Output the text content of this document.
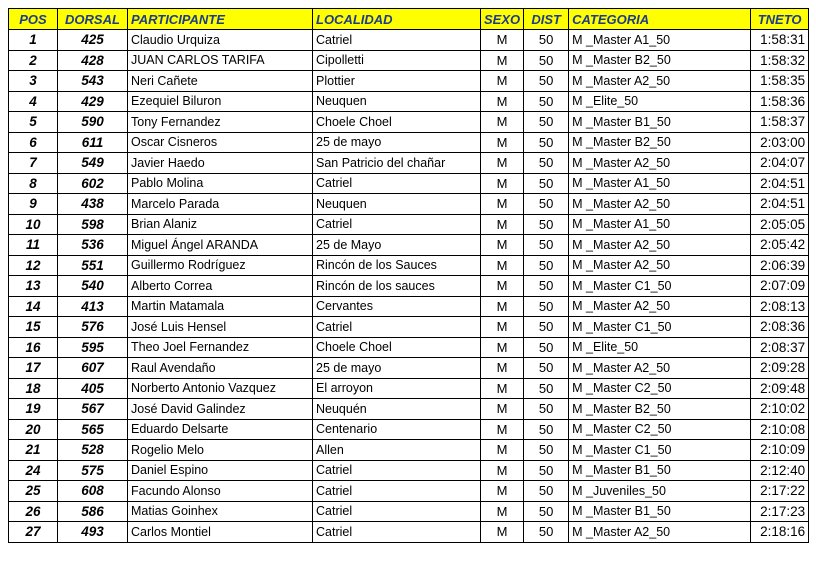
POS	DORSAL	PARTICIPANTE	LOCALIDAD	SEXO	DIST	CATEGORIA	TNETO
1	425	Claudio Urquiza	Catriel	M	50	M _Master A1_50	1:58:31
2	428	JUAN CARLOS TARIFA	Cipolletti	M	50	M _Master B2_50	1:58:32
3	543	Neri Cañete	Plottier	M	50	M _Master A2_50	1:58:35
4	429	Ezequiel Biluron	Neuquen	M	50	M _Elite_50	1:58:36
5	590	Tony Fernandez	Choele Choel	M	50	M _Master B1_50	1:58:37
6	611	Oscar Cisneros	25 de mayo	M	50	M _Master B2_50	2:03:00
7	549	Javier Haedo	San Patricio del chañar	M	50	M _Master A2_50	2:04:07
8	602	Pablo Molina	Catriel	M	50	M _Master A1_50	2:04:51
9	438	Marcelo Parada	Neuquen	M	50	M _Master A2_50	2:04:51
10	598	Brian Alaniz	Catriel	M	50	M _Master A1_50	2:05:05
11	536	Miguel Ángel ARANDA	25 de Mayo	M	50	M _Master A2_50	2:05:42
12	551	Guillermo Rodríguez	Rincón de los Sauces	M	50	M _Master A2_50	2:06:39
13	540	Alberto Correa	Rincón de los sauces	M	50	M _Master C1_50	2:07:09
14	413	Martin Matamala	Cervantes	M	50	M _Master A2_50	2:08:13
15	576	José Luis Hensel	Catriel	M	50	M _Master C1_50	2:08:36
16	595	Theo Joel Fernandez	Choele Choel	M	50	M _Elite_50	2:08:37
17	607	Raul Avendaño	25 de mayo	M	50	M _Master A2_50	2:09:28
18	405	Norberto Antonio Vazquez	El arroyon	M	50	M _Master C2_50	2:09:48
19	567	José David Galindez	Neuquén	M	50	M _Master B2_50	2:10:02
20	565	Eduardo Delsarte	Centenario	M	50	M _Master C2_50	2:10:08
21	528	Rogelio Melo	Allen	M	50	M _Master C1_50	2:10:09
24	575	Daniel Espino	Catriel	M	50	M _Master B1_50	2:12:40
25	608	Facundo Alonso	Catriel	M	50	M _Juveniles_50	2:17:22
26	586	Matias Goinhex	Catriel	M	50	M _Master B1_50	2:17:23
27	493	Carlos Montiel	Catriel	M	50	M _Master A2_50	2:18:16
